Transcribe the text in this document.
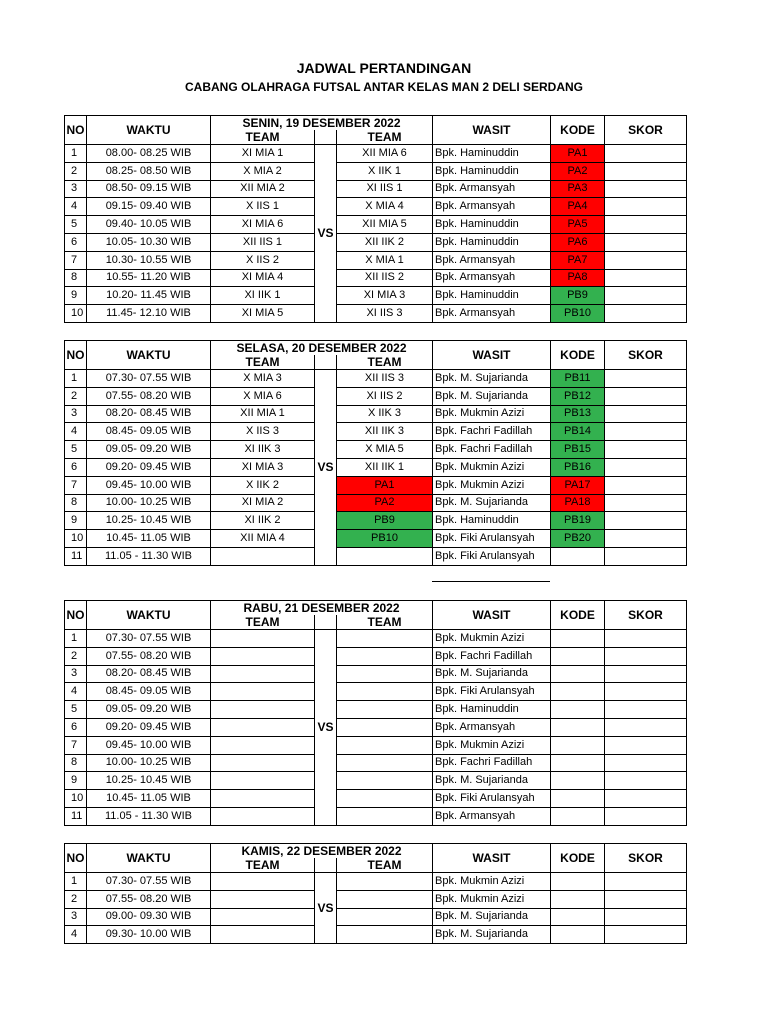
JADWAL PERTANDINGAN
CABANG OLAHRAGA FUTSAL ANTAR KELAS MAN 2 DELI SERDANG
NO	WAKTU	SENIN, 19 DESEMBER 2022			WASIT	KODE	SKOR
		TEAM		TEAM			
1	08.00- 08.25 WIB	XI MIA 1	VS	XII MIA 6	Bpk. Haminuddin	PA1	
2	08.25- 08.50 WIB	X MIA 2		X IIK 1	Bpk. Haminuddin	PA2	
3	08.50- 09.15 WIB	XII MIA 2		XI IIS 1	Bpk. Armansyah	PA3	
4	09.15- 09.40 WIB	X IIS 1		X MIA 4	Bpk. Armansyah	PA4	
5	09.40- 10.05 WIB	XI MIA 6		XII MIA 5	Bpk. Haminuddin	PA5	
6	10.05- 10.30 WIB	XII IIS 1		XII IIK 2	Bpk. Haminuddin	PA6	
7	10.30- 10.55 WIB	X IIS 2		X MIA 1	Bpk. Armansyah	PA7	
8	10.55- 11.20 WIB	XI MIA 4		XII IIS 2	Bpk. Armansyah	PA8	
9	10.20- 11.45 WIB	XI IIK 1		XI MIA 3	Bpk. Haminuddin	PB9	
10	11.45- 12.10 WIB	XI MIA 5		XI IIS 3	Bpk. Armansyah	PB10	
NO	WAKTU	SELASA, 20 DESEMBER 2022			WASIT	KODE	SKOR
		TEAM		TEAM			
1	07.30- 07.55 WIB	X MIA 3	VS	XII IIS 3	Bpk. M. Sujarianda	PB11	
2	07.55- 08.20 WIB	X MIA 6		XI IIS 2	Bpk. M. Sujarianda	PB12	
3	08.20- 08.45 WIB	XII MIA 1		X IIK 3	Bpk. Mukmin Azizi	PB13	
4	08.45- 09.05 WIB	X IIS 3		XII IIK 3	Bpk. Fachri Fadillah	PB14	
5	09.05- 09.20 WIB	XI IIK 3		X MIA 5	Bpk. Fachri Fadillah	PB15	
6	09.20- 09.45 WIB	XI MIA 3		XII IIK 1	Bpk. Mukmin Azizi	PB16	
7	09.45- 10.00 WIB	X IIK 2		PA1	Bpk. Mukmin Azizi	PA17	
8	10.00- 10.25 WIB	XI MIA 2		PA2	Bpk. M. Sujarianda	PA18	
9	10.25- 10.45 WIB	XI IIK 2		PB9	Bpk. Haminuddin	PB19	
10	10.45- 11.05 WIB	XII MIA 4		PB10	Bpk. Fiki Arulansyah	PB20	
11	11.05 - 11.30 WIB				Bpk. Fiki Arulansyah		
NO	WAKTU	RABU, 21 DESEMBER 2022			WASIT	KODE	SKOR
		TEAM		TEAM			
1	07.30- 07.55 WIB		VS		Bpk. Mukmin Azizi		
2	07.55- 08.20 WIB				Bpk. Fachri Fadillah		
3	08.20- 08.45 WIB				Bpk. M. Sujarianda		
4	08.45- 09.05 WIB				Bpk. Fiki Arulansyah		
5	09.05- 09.20 WIB				Bpk. Haminuddin		
6	09.20- 09.45 WIB				Bpk. Armansyah		
7	09.45- 10.00 WIB				Bpk. Mukmin Azizi		
8	10.00- 10.25 WIB				Bpk. Fachri Fadillah		
9	10.25- 10.45 WIB				Bpk. M. Sujarianda		
10	10.45- 11.05 WIB				Bpk. Fiki Arulansyah		
11	11.05 - 11.30 WIB				Bpk. Armansyah		
NO	WAKTU	KAMIS, 22 DESEMBER 2022			WASIT	KODE	SKOR
		TEAM		TEAM			
1	07.30- 07.55 WIB		VS		Bpk. Mukmin Azizi		
2	07.55- 08.20 WIB				Bpk. Mukmin Azizi		
3	09.00- 09.30 WIB				Bpk. M. Sujarianda		
4	09.30- 10.00 WIB				Bpk. M. Sujarianda		
